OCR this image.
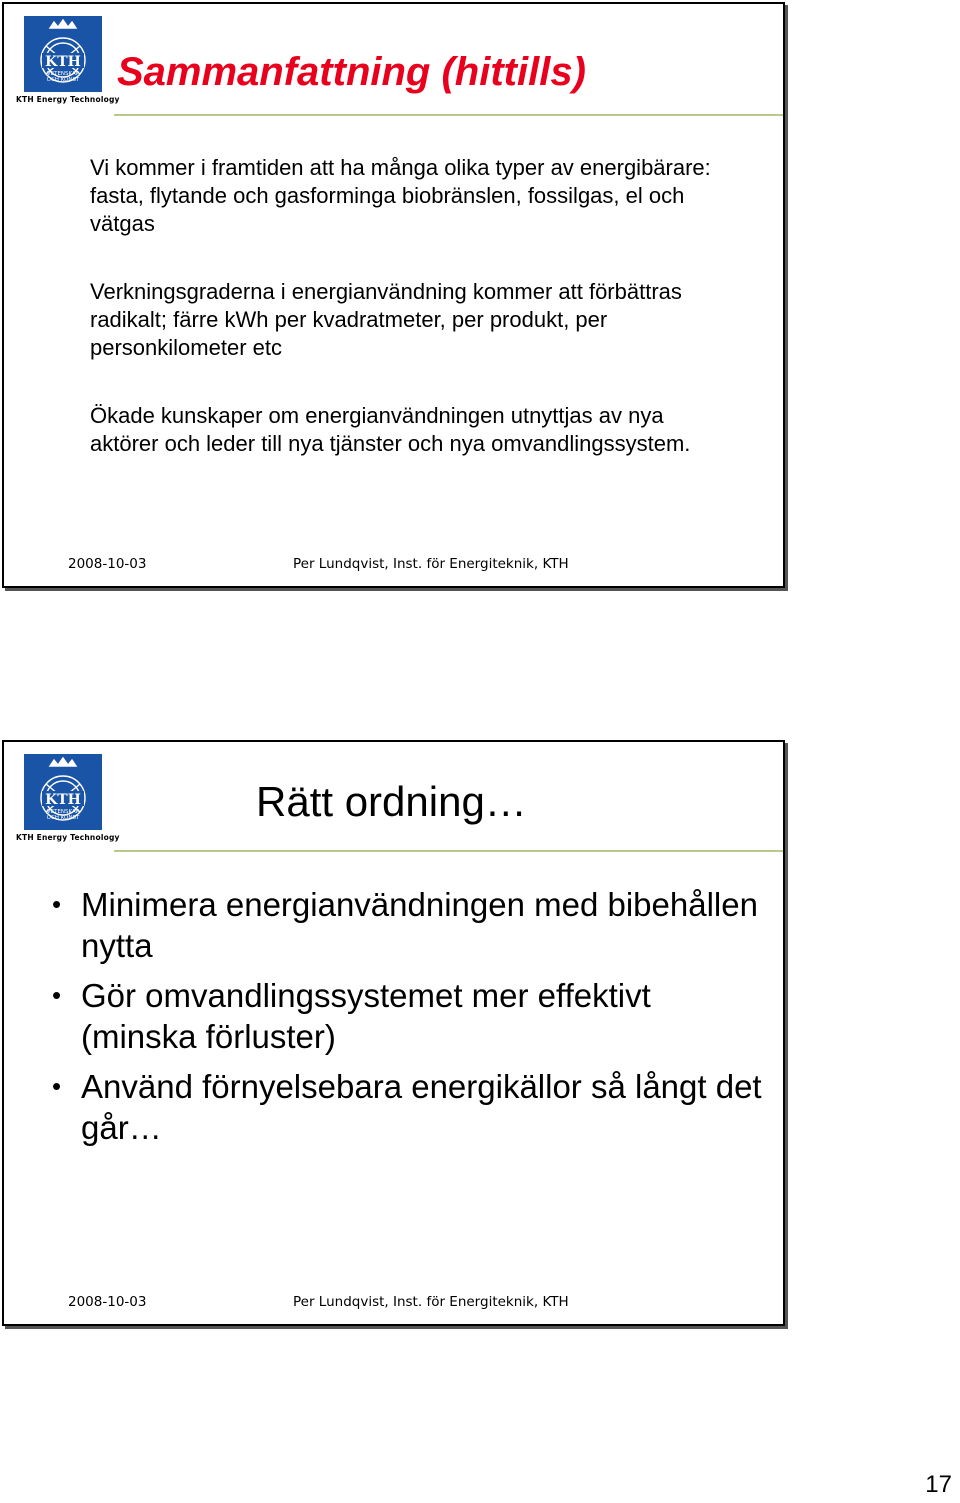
KTH
VETENSKAP
OCH KONST
KTH Energy Technology
Sammanfattning (hittills)

Vi kommer i framtiden att ha många olika typer av energibärare: fasta, flytande och gasforminga biobränslen, fossilgas, el och vätgas

Verkningsgraderna i energianvändning kommer att förbättras radikalt; färre kWh per kvadratmeter, per produkt, per personkilometer etc

Ökade kunskaper om energianvändningen utnyttjas av nya aktörer och leder till nya tjänster och nya omvandlingssystem.

2008-10-03	Per Lundqvist, Inst. för Energiteknik, KTH
KTH
VETENSKAP
OCH KONST
KTH Energy Technology
Rätt ordning…
• Minimera energianvändningen med bibehållen nytta
• Gör omvandlingssystemet mer effektivt (minska förluster)
• Använd förnyelsebara energikällor så långt det går…
2008-10-03	Per Lundqvist, Inst. för Energiteknik, KTH
17
